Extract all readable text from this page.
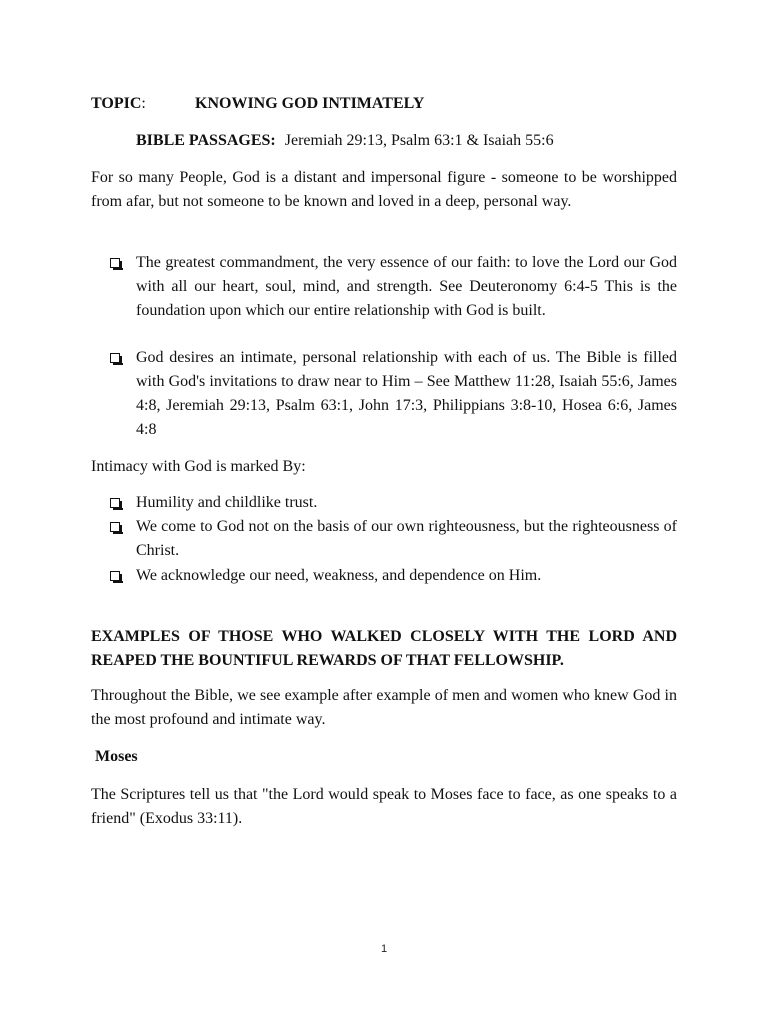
TOPIC:	KNOWING GOD INTIMATELY
BIBLE PASSAGES: Jeremiah 29:13, Psalm 63:1 & Isaiah 55:6

For so many People, God is a distant and impersonal figure - someone to be worshipped from afar, but not someone to be known and loved in a deep, personal way.

The greatest commandment, the very essence of our faith: to love the Lord our God with all our heart, soul, mind, and strength. See Deuteronomy 6:4-5 This is the foundation upon which our entire relationship with God is built.
God desires an intimate, personal relationship with each of us. The Bible is filled with God's invitations to draw near to Him – See Matthew 11:28, Isaiah 55:6, James 4:8, Jeremiah 29:13, Psalm 63:1, John 17:3, Philippians 3:8-10, Hosea 6:6, James 4:8

Intimacy with God is marked By:

Humility and childlike trust.
We come to God not on the basis of our own righteousness, but the righteousness of Christ.
We acknowledge our need, weakness, and dependence on Him.

EXAMPLES OF THOSE WHO WALKED CLOSELY WITH THE LORD AND REAPED THE BOUNTIFUL REWARDS OF THAT FELLOWSHIP.

Throughout the Bible, we see example after example of men and women who knew God in the most profound and intimate way.

Moses

The Scriptures tell us that "the Lord would speak to Moses face to face, as one speaks to a friend" (Exodus 33:11).

1
